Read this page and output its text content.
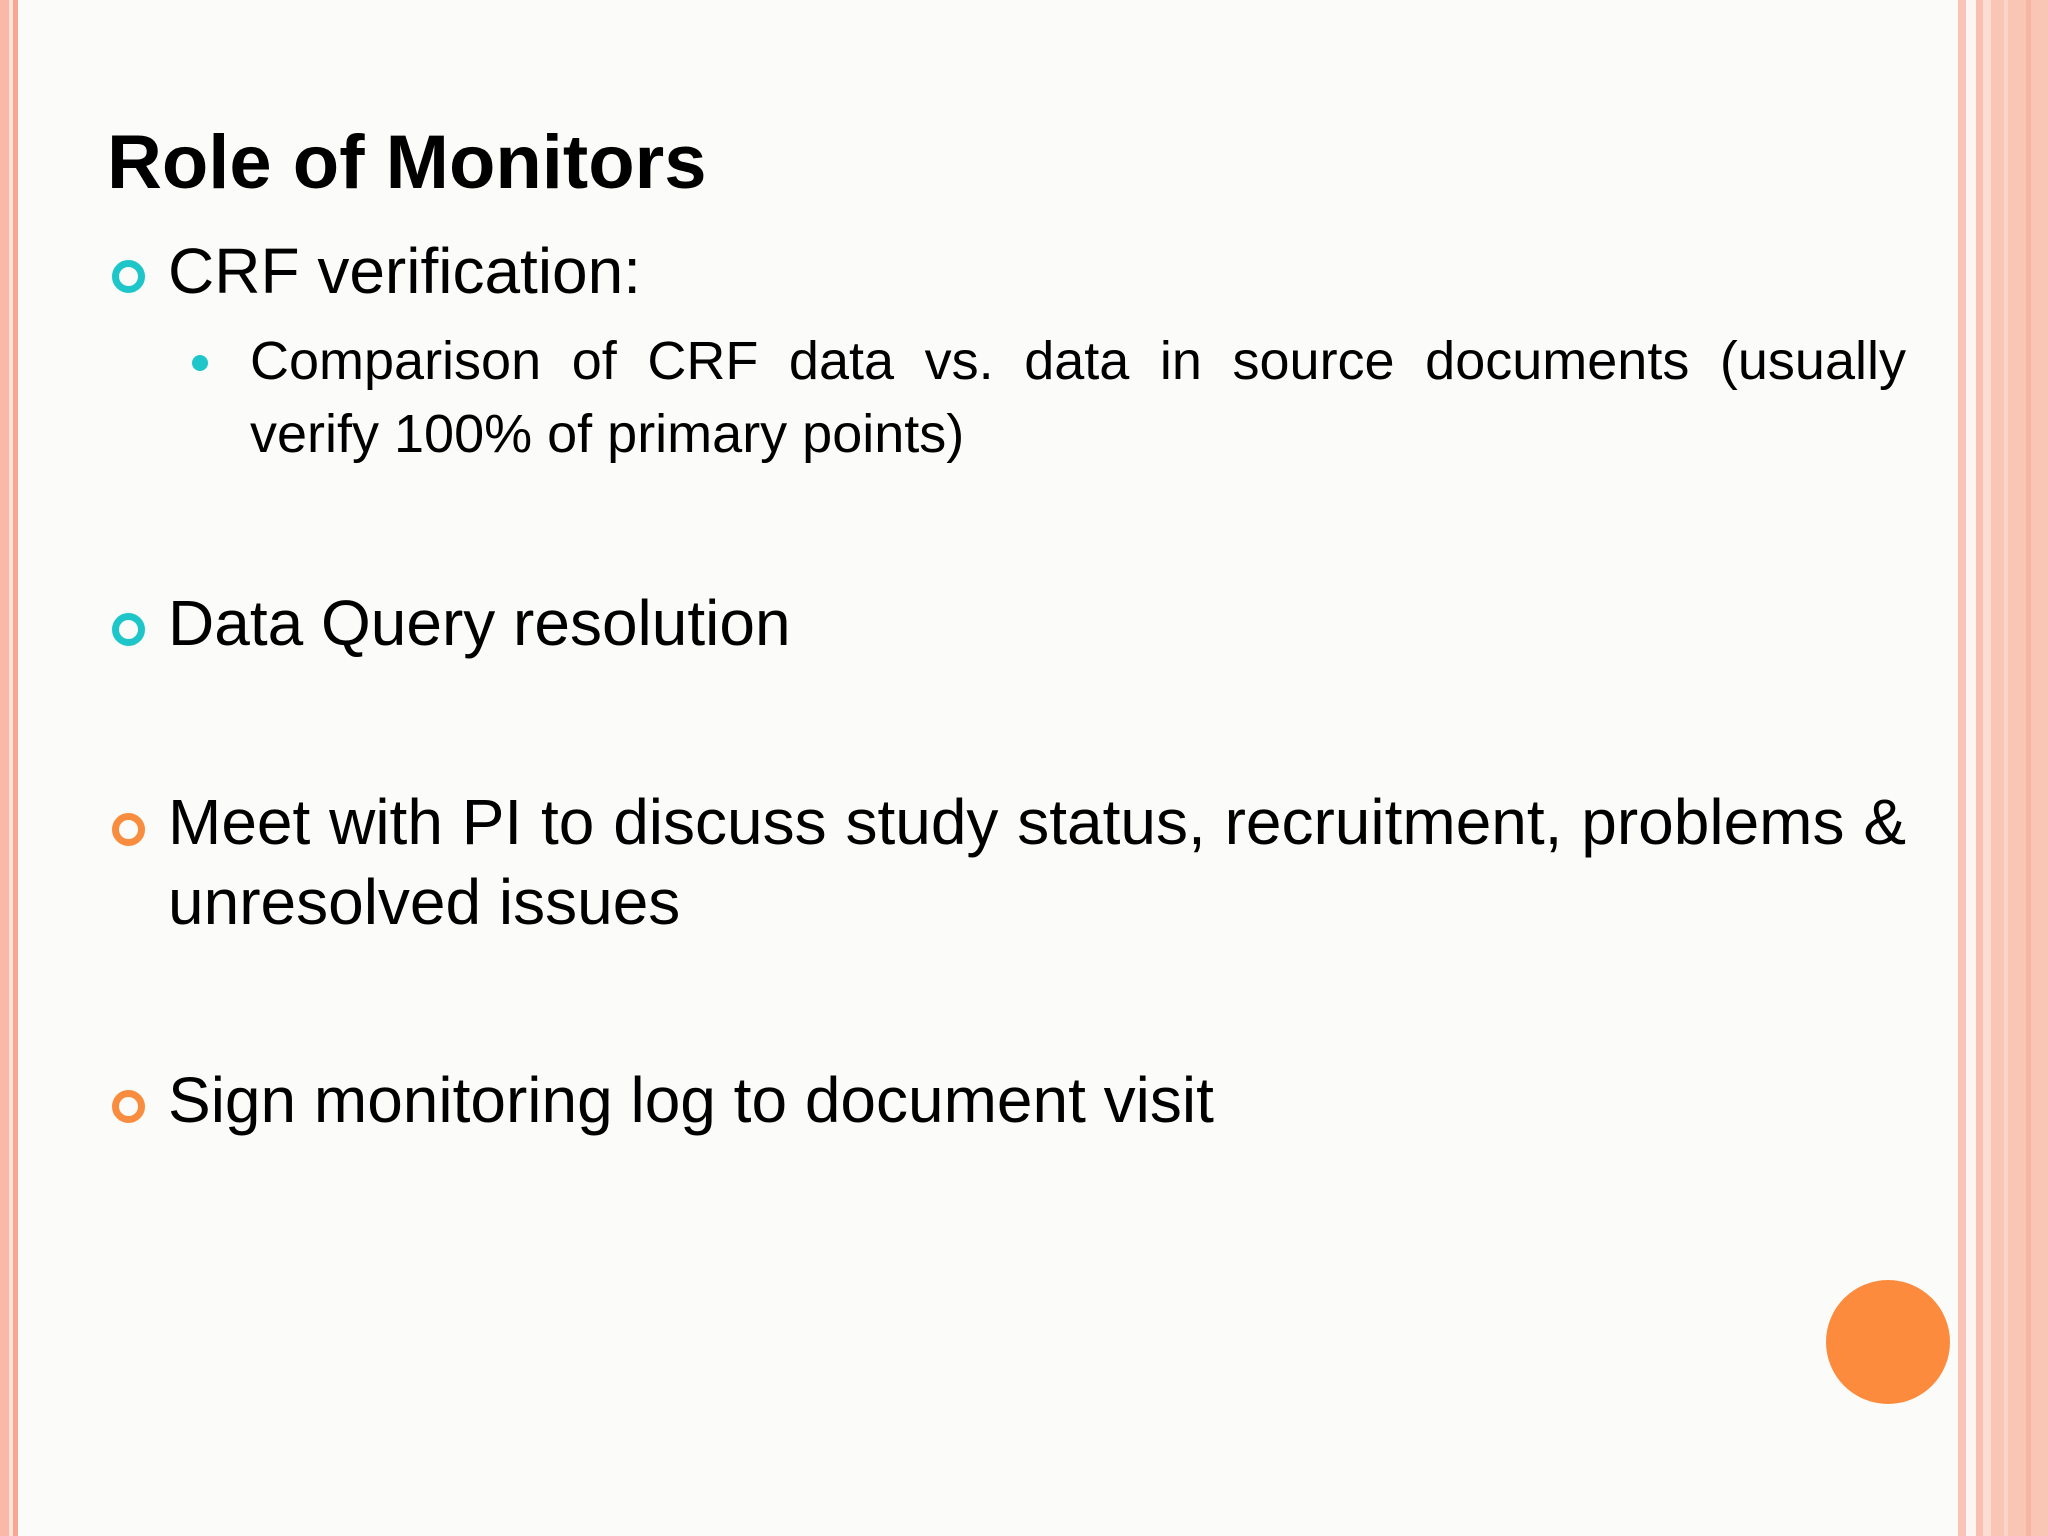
Role of Monitors

CRF verification:

Comparison of CRF data vs. data in source documents (usually verify 100% of primary points)

Data Query resolution

Meet with PI to discuss study status, recruitment, problems & unresolved issues

Sign monitoring log to document visit
